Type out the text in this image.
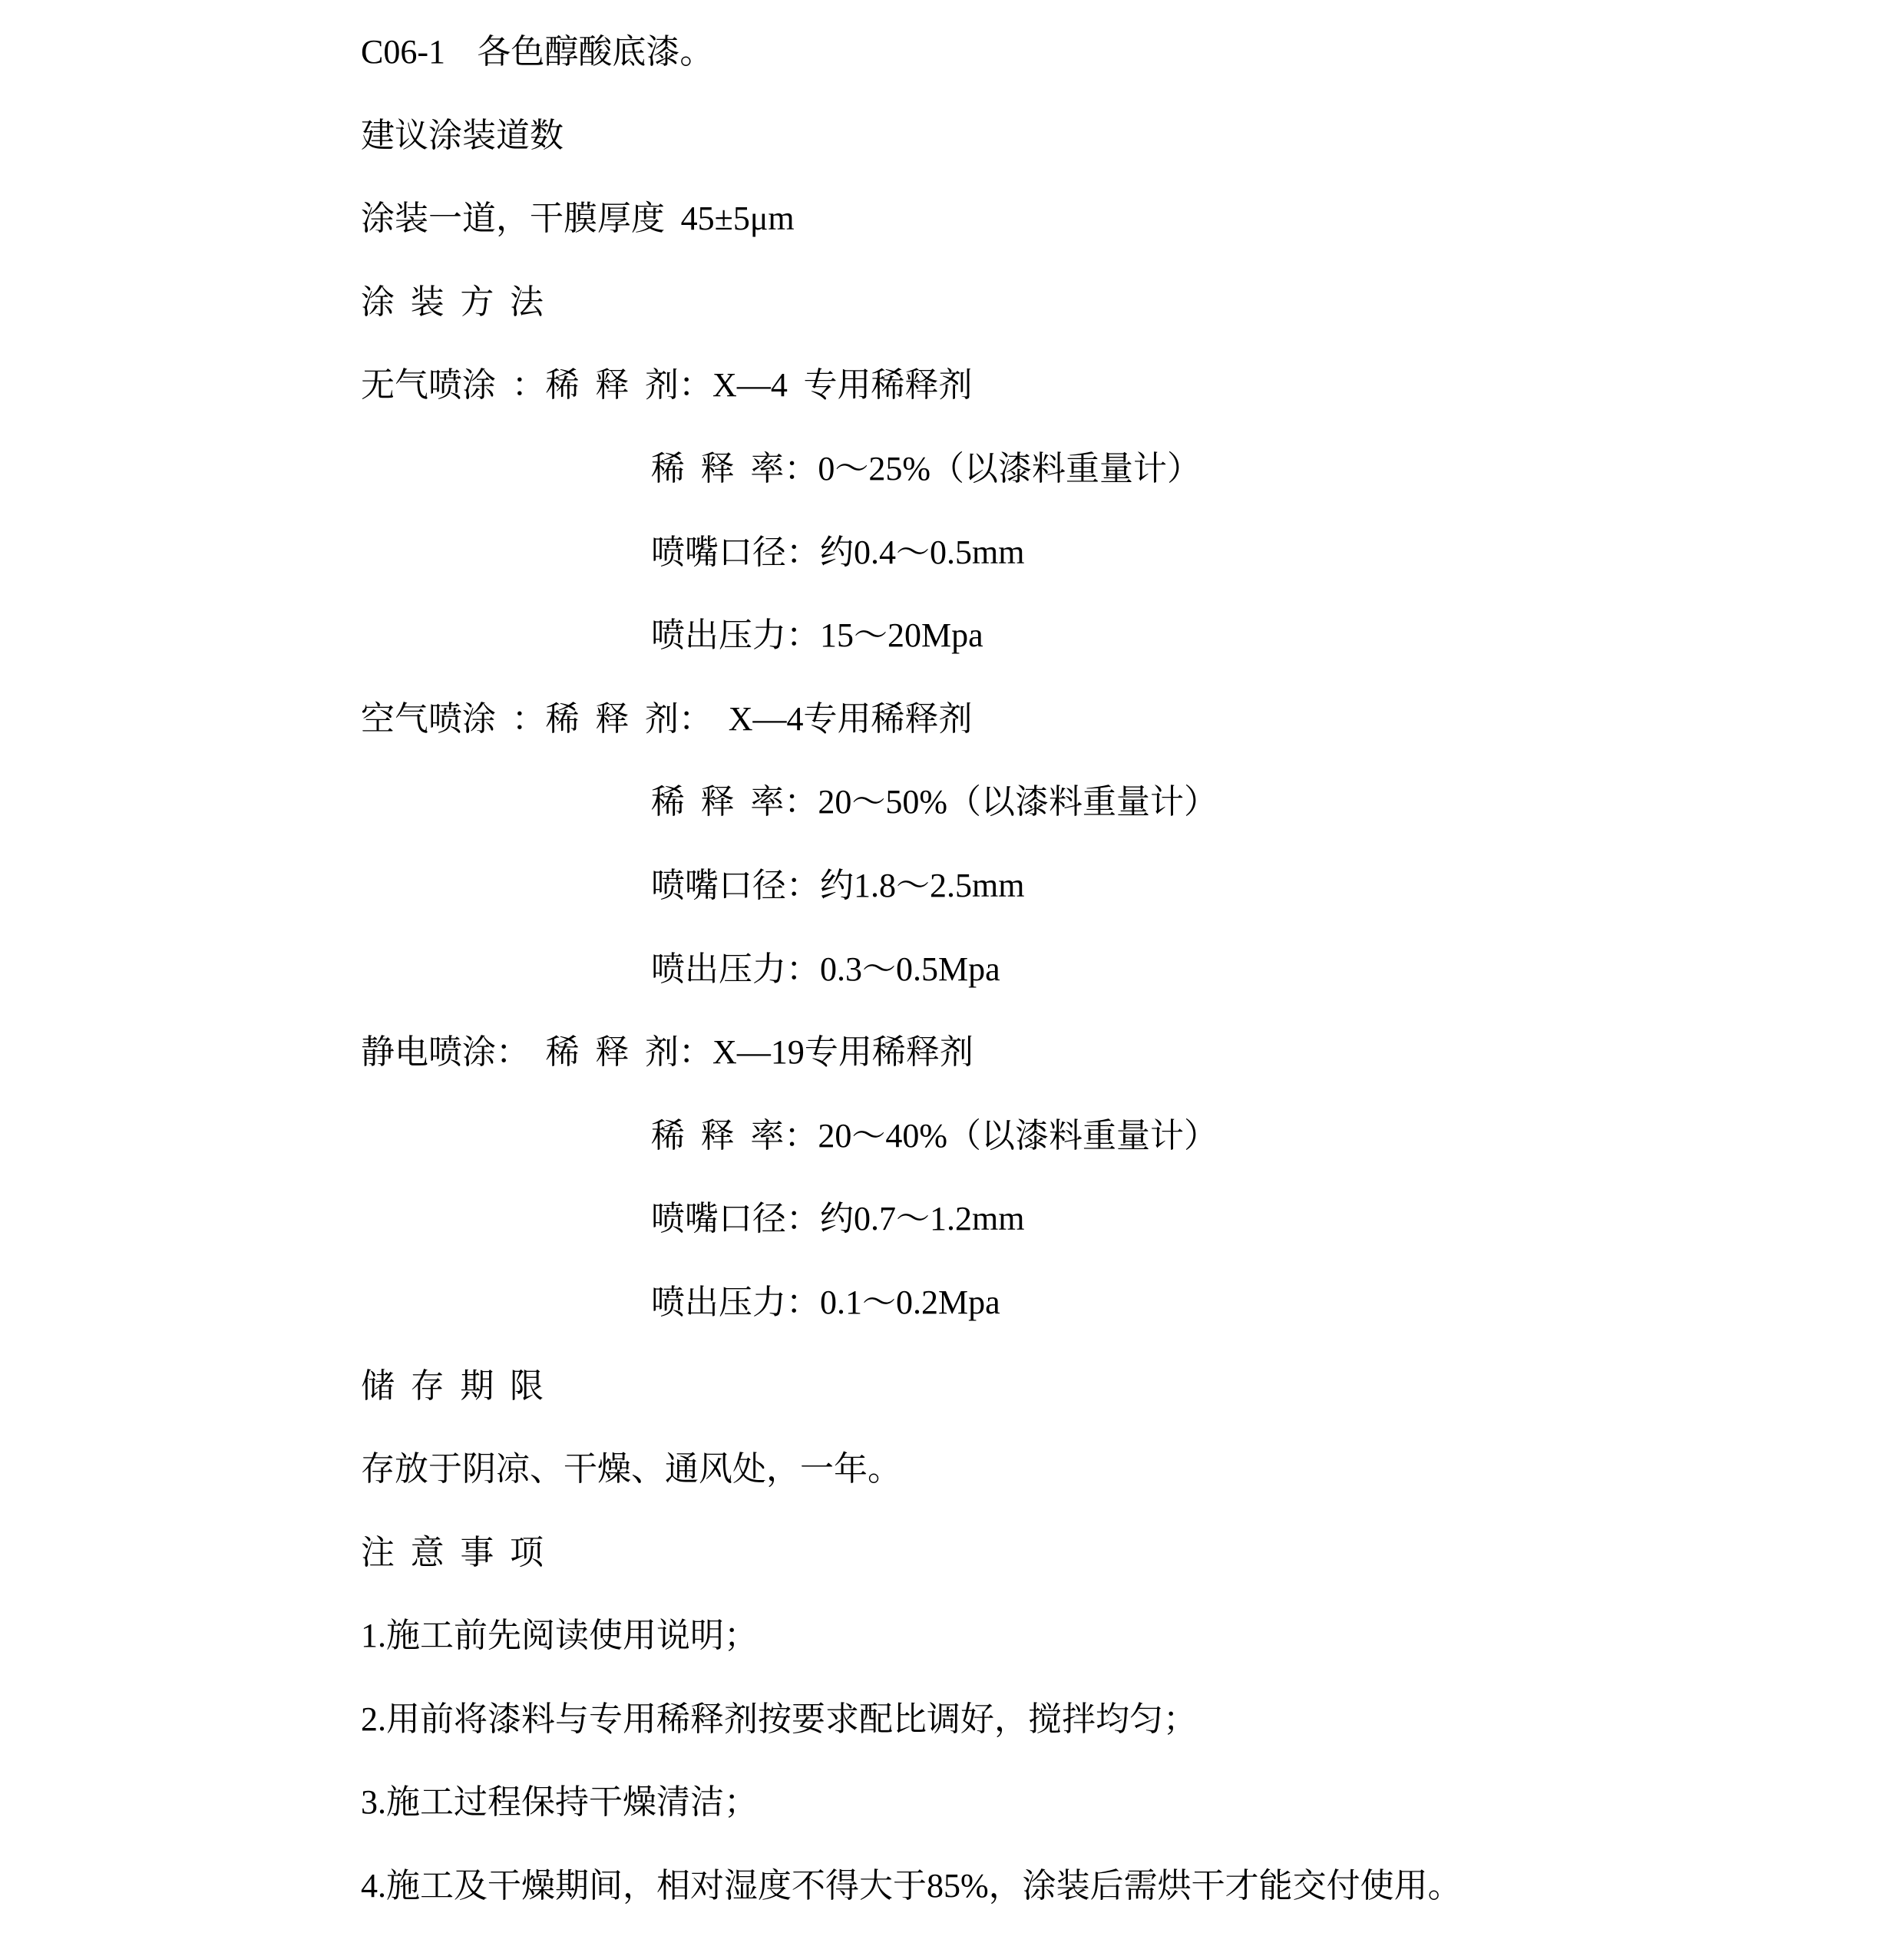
C06-1  各色醇酸底漆。

建议涂装道数

涂装一道，干膜厚度 45±5μm

涂 装 方 法

无气喷涂 ：稀 释 剂：X—4 专用稀释剂

稀 释 率：0～25%（以漆料重量计）

喷嘴口径：约0.4～0.5mm

喷出压力：15～20Mpa

空气喷涂 ：稀 释 剂： X—4专用稀释剂

稀 释 率：20～50%（以漆料重量计）

喷嘴口径：约1.8～2.5mm

喷出压力：0.3～0.5Mpa

静电喷涂： 稀 释 剂：X—19专用稀释剂

稀 释 率：20～40%（以漆料重量计）

喷嘴口径：约0.7～1.2mm

喷出压力：0.1～0.2Mpa

储 存 期 限

存放于阴凉、干燥、通风处，一年。

注 意 事 项

1.施工前先阅读使用说明；

2.用前将漆料与专用稀释剂按要求配比调好，搅拌均匀；

3.施工过程保持干燥清洁；

4.施工及干燥期间，相对湿度不得大于85%，涂装后需烘干才能交付使用。
